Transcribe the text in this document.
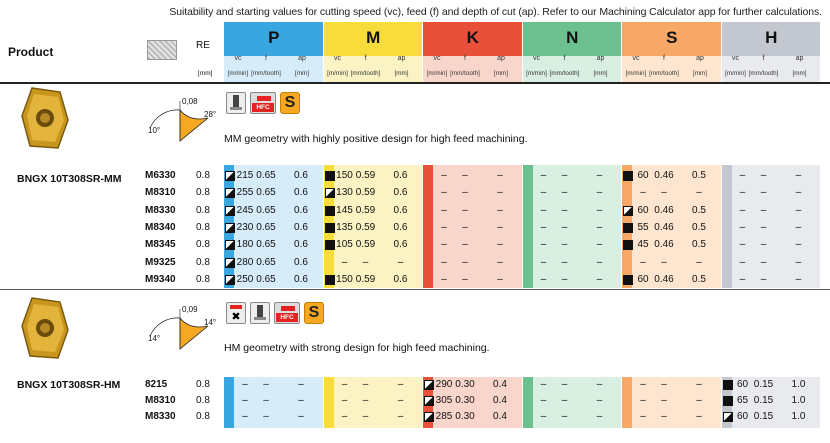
Suitability and starting values for cutting speed (vc), feed (f) and depth of cut (ap). Refer to our Machining Calculator app for further calculations.
Product	RE
[mm]
P
vc
[m/min]
f
[mm/tooth]
ap
[mm]
M
vc
[m/min]
f
[mm/tooth]
ap
[mm]
K
vc
[m/min]
f
[mm/tooth]
ap
[mm]
N
vc
[m/min]
f
[mm/tooth]
ap
[mm]
S
vc
[m/min]
f
[mm/tooth]
ap
[mm]
H
vc
[m/min]
f
[mm/tooth]
ap
[mm]
0,08
28°
10°
HFC S
MM geometry with highly positive design for high feed machining.
BNGX 10T308SR-MM M6330 0.8	215 0.65	0.6	150 0.59	0.6	–	–	–	–	–	–	60 0.46	0.5	–	–	–
M8310 0.8	255 0.65	0.6	130 0.59	0.6	–	–	–	–	–	–	–	–	–	–	–	–
M8330 0.8	245 0.65	0.6	145 0.59	0.6	–	–	–	–	–	–	60 0.46	0.5	–	–	–
M8340 0.8	230 0.65	0.6	135 0.59	0.6	–	–	–	–	–	–	55 0.46	0.5	–	–	–
M8345 0.8	180 0.65	0.6	105 0.59	0.6	–	–	–	–	–	–	45 0.46	0.5	–	–	–
M9325 0.8	280 0.65	0.6	–	–	–	–	–	–	–	–	–	–	–	–	–	–	–
M9340 0.8	250 0.65	0.6	150 0.59	0.6	–	–	–	–	–	–	60 0.46	0.5	–	–	–
0,09
14°
14°
✖	HFC S
HM geometry with strong design for high feed machining.
BNGX 10T308SR-HM 8215	0.8	–	–	–	–	–	–	290 0.30	0.4	–	–	–	–	–	–	60 0.15	1.0
M8310 0.8	–	–	–	–	–	–	305 0.30	0.4	–	–	–	–	–	–	65 0.15	1.0
M8330 0.8	–	–	–	–	–	–	285 0.30	0.4	–	–	–	–	–	–	60 0.15	1.0
